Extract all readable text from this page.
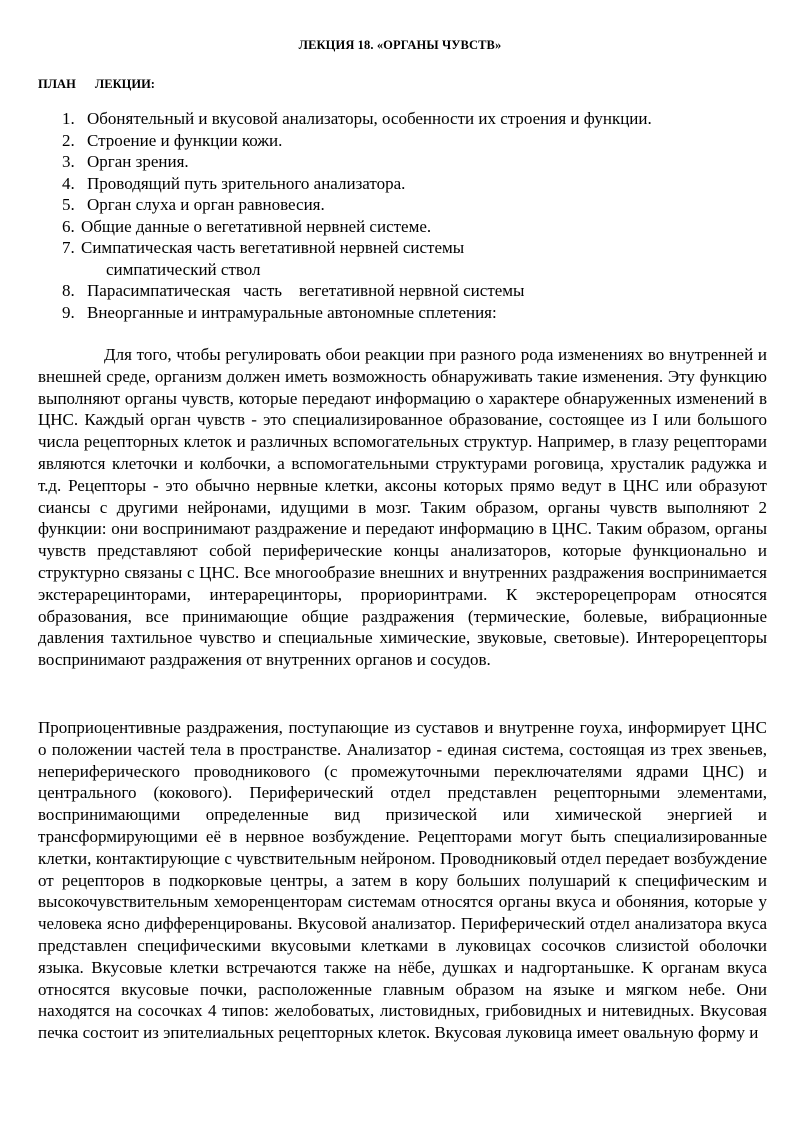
ЛЕКЦИЯ 18. «ОРГАНЫ ЧУВСТВ»
ПЛАН ЛЕКЦИИ:
1. Обонятельный и вкусовой анализаторы, особенности их строения и функции.
2. Строение и функции кожи.
3. Орган зрения.
4. Проводящий путь зрительного анализатора.
5. Орган слуха и орган равновесия.
6. Общие данные о вегетативной нервней системе.
7. Симпатическая часть вегетативной нервней системы
симпатический ствол
8. Парасимпатическая   часть    вегетативной нервной системы
9. Внеорганные и интрамуральные автономные сплетения:

Для того, чтобы регулировать обои реакции при разного рода изменениях во внутренней и внешней среде, организм должен иметь возможность обнаруживать такие изменения. Эту функцию выполняют органы чувств, которые передают информацию о характере обнаруженных изменений в ЦНС. Каждый орган чувств - это специализированное образование, состоящее из I или большого числа рецепторных клеток и различных вспомогательных структур. Например, в глазу рецепторами являются клеточки и колбочки, а вспомогательными структурами роговица, хрусталик радужка и т.д. Рецепторы - это обычно нервные клетки, аксоны которых прямо ведут в ЦНС или образуют сиансы с другими нейронами, идущими в мозг. Таким образом, органы чувств выполняют 2 функции: они воспринимают раздражение и передают информацию в ЦНС. Таким образом, органы чувств представляют собой периферические концы анализаторов, которые функционально и структурно связаны с ЦНС. Все многообразие внешних и внутренних раздражения воспринимается экстерарецинторами, интерарецинторы, прориоринтрами. К экстерорецепрорам относятся образования, все принимающие общие раздражения (термические, болевые, вибрационные давления тахтильное чувство и специальные химические, звуковые, световые). Интерорецепторы воспринимают раздражения от внутренних органов и сосудов.

Проприоцентивные раздражения, поступающие из суставов и внутренне гоуха, информирует ЦНС о положении частей тела в пространстве. Анализатор - единая система, состоящая из трех звеньев, непериферического проводникового (с промежуточными переключателями ядрами ЦНС) и центрального (кокового). Периферический отдел представлен рецепторными элементами, воспринимающими определенные вид призической или химической энергией и трансформирующими её в нервное возбуждение. Рецепторами могут быть специализированные клетки, контактирующие с чувствительным нейроном. Проводниковый отдел передает возбуждение от рецепторов в подкорковые центры, а затем в кору больших полушарий к специфическим и высокочувствительным хеморенценторам системам относятся органы вкуса и обоняния, которые у человека ясно дифференцированы. Вкусовой анализатор. Периферический отдел анализатора вкуса представлен специфическими вкусовыми клетками в луковицах сосочков слизистой оболочки языка. Вкусовые клетки встречаются также на нёбе, душках и надгортаньшке. К органам вкуса относятся вкусовые почки, расположенные главным образом на языке и мягком небе. Они находятся на сосочках 4 типов: желобоватых, листовидных, грибовидных и нитевидных. Вкусовая печка состоит из эпителиальных рецепторных клеток. Вкусовая луковица имеет овальную форму и
